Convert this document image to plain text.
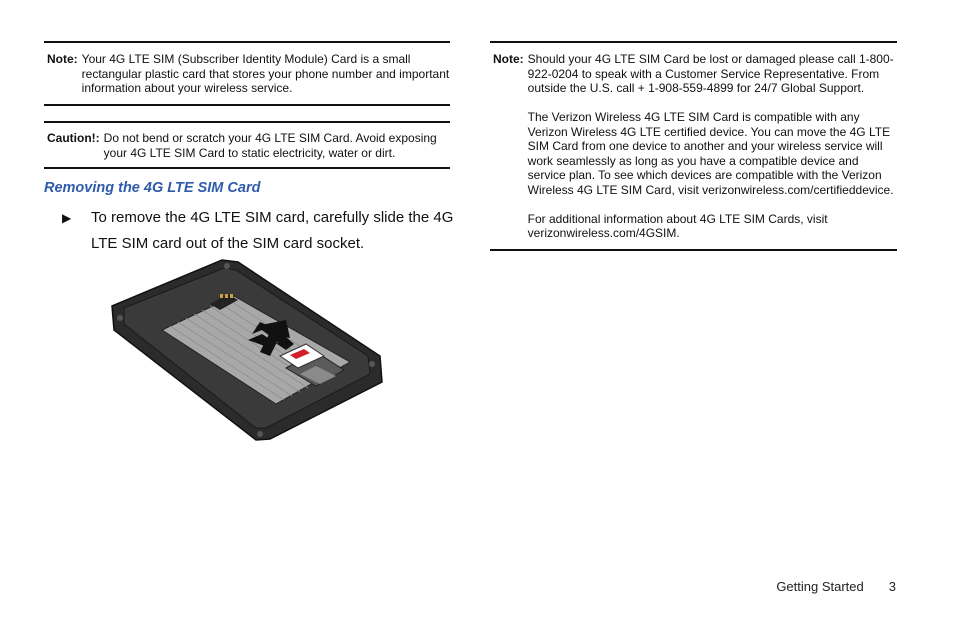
Note: Your 4G LTE SIM (Subscriber Identity Module) Card is a small rectangular plastic card that stores your phone number and important information about your wireless service.

Caution!: Do not bend or scratch your 4G LTE SIM Card. Avoid exposing your 4G LTE SIM Card to static electricity, water or dirt.

Removing the 4G LTE SIM Card
▶	To remove the 4G LTE SIM card, carefully slide the 4G LTE SIM card out of the SIM card socket.

Note: Should your 4G LTE SIM Card be lost or damaged please call 1-800-922-0204 to speak with a Customer Service Representative. From outside the U.S. call + 1-908-559-4899 for 24/7 Global Support.

The Verizon Wireless 4G LTE SIM Card is compatible with any Verizon Wireless 4G LTE certified device. You can move the 4G LTE SIM Card from one device to another and your wireless service will work seamlessly as long as you have a compatible device and service plan. To see which devices are compatible with the Verizon Wireless 4G LTE SIM Card, visit verizonwireless.com/certifieddevice.

For additional information about 4G LTE SIM Cards, visit verizonwireless.com/4GSIM.

Getting Started 3
